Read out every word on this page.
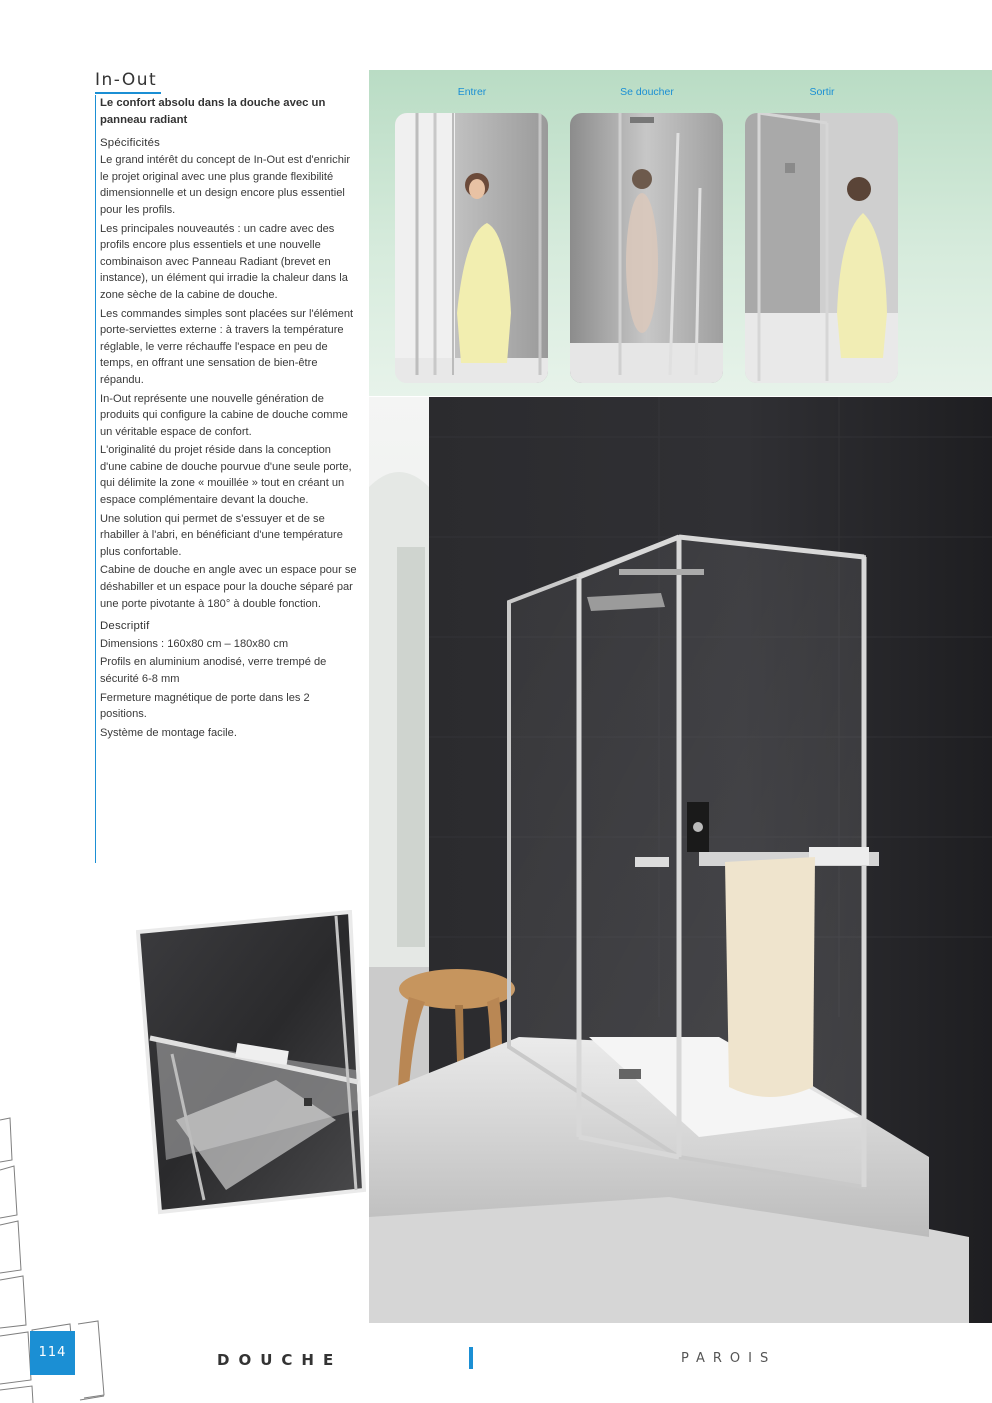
In-Out

Le confort absolu dans la douche avec un panneau radiant

Spécificités

Le grand intérêt du concept de In-Out est d'enrichir le projet original avec une plus grande flexibilité dimensionnelle et un design encore plus essentiel pour les profils.

Les principales nouveautés : un cadre avec des profils encore plus essentiels et une nouvelle combinaison avec Panneau Radiant (brevet en instance), un élément qui irradie la chaleur dans la zone sèche de la cabine de douche.

Les commandes simples sont placées sur l'élément porte-serviettes externe : à travers la température réglable, le verre réchauffe l'espace en peu de temps, en offrant une sensation de bien-être répandu.

In-Out représente une nouvelle génération de produits qui configure la cabine de douche comme un véritable espace de confort.

L'originalité du projet réside dans la conception d'une cabine de douche pourvue d'une seule porte, qui délimite la zone « mouillée » tout en créant un espace complémentaire devant la douche.

Une solution qui permet de s'essuyer et de se rhabiller à l'abri, en bénéficiant d'une température plus confortable.

Cabine de douche en angle avec un espace pour se déshabiller et un espace pour la douche séparé par une porte pivotante à 180° à double fonction.

Descriptif

Dimensions : 160x80 cm – 180x80 cm

Profils en aluminium anodisé, verre trempé de sécurité 6-8 mm

Fermeture magnétique de porte dans les 2 positions.

Système de montage facile.

Entrer	Se doucher	Sortir
114	DOUCHE	PAROIS
